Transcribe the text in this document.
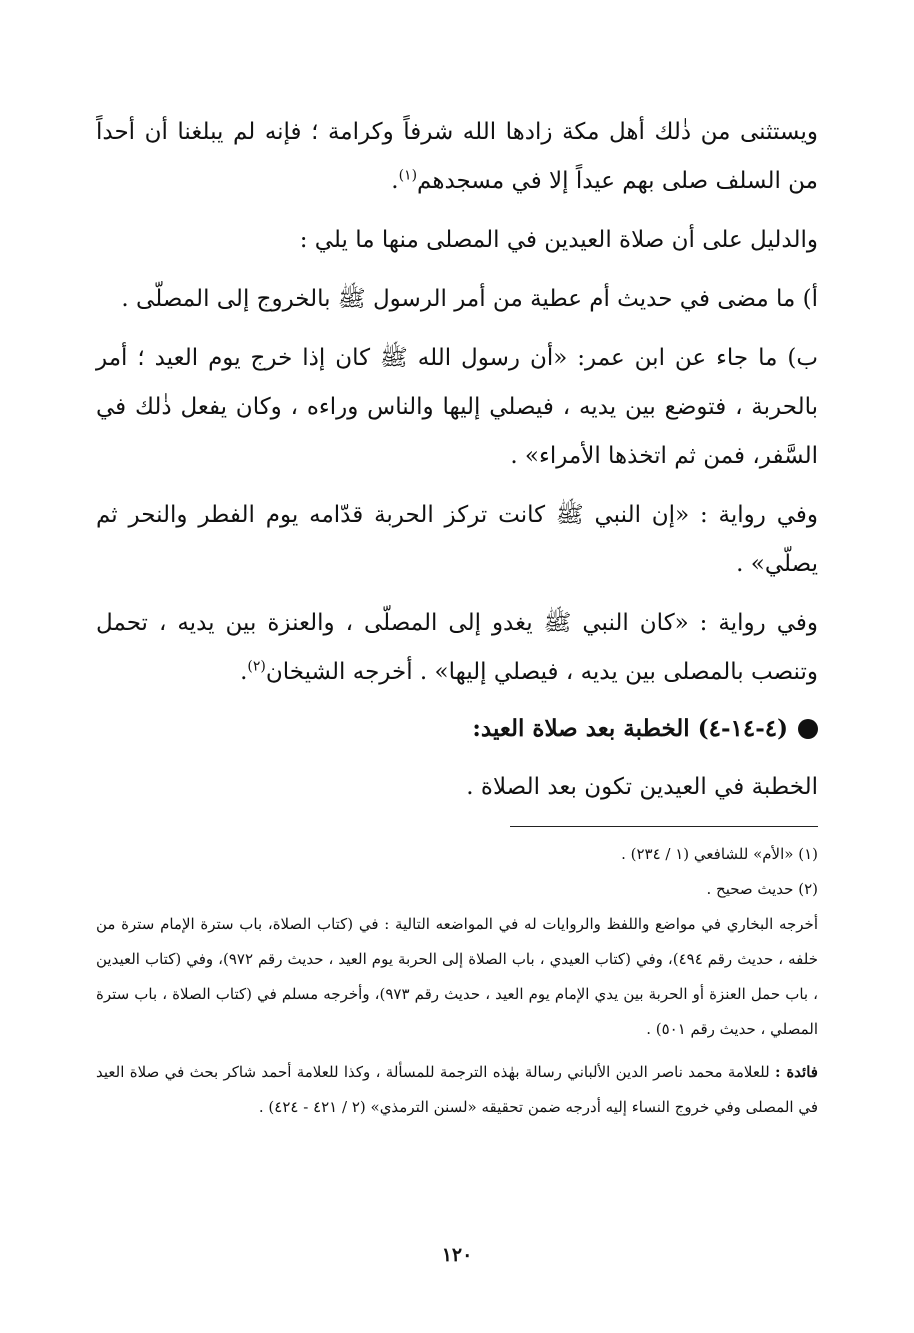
ويستثنى من ذٰلك أهل مكة زادها الله شرفاً وكرامة ؛ فإنه لم يبلغنا أن أحداً من السلف صلى بهم عيداً إلا في مسجدهم$^{(١)}$.

والدليل على أن صلاة العيدين في المصلى منها ما يلي :

أ) ما مضى في حديث أم عطية من أمر الرسول ﷺ بالخروج إلى المصلّى .

ب) ما جاء عن ابن عمر: «أن رسول الله ﷺ كان إذا خرج يوم العيد ؛ أمر بالحربة ، فتوضع بين يديه ، فيصلي إليها والناس وراءه ، وكان يفعل ذٰلك في السَّفر، فمن ثم اتخذها الأمراء» .

وفي رواية : «إن النبي ﷺ كانت تركز الحربة قدّامه يوم الفطر والنحر ثم يصلّي» .

وفي رواية : «كان النبي ﷺ يغدو إلى المصلّى ، والعنزة بين يديه ، تحمل وتنصب بالمصلى بين يديه ، فيصلي إليها» . أخرجه الشيخان$^{(٢)}$.

(٤-١٤-٤) الخطبة بعد صلاة العيد:

الخطبة في العيدين تكون بعد الصلاة .

(١) «الأم» للشافعي (١ / ٢٣٤) .

(٢) حديث صحيح .

أخرجه البخاري في مواضع واللفظ والروايات له في المواضعه التالية : في (كتاب الصلاة، باب سترة الإمام سترة من خلفه ، حديث رقم ٤٩٤)، وفي (كتاب العيدي ، باب الصلاة إلى الحربة يوم العيد ، حديث رقم ٩٧٢)، وفي (كتاب العيدين ، باب حمل العنزة أو الحربة بين يدي الإمام يوم العيد ، حديث رقم ٩٧٣)، وأخرجه مسلم في (كتاب الصلاة ، باب سترة المصلي ، حديث رقم ٥٠١) .

فائدة : للعلامة محمد ناصر الدين الألباني رسالة بهٰذه الترجمة للمسألة ، وكذا للعلامة أحمد شاكر بحث في صلاة العيد في المصلى وفي خروج النساء إليه أدرجه ضمن تحقيقه «لسنن الترمذي» (٢ / ٤٢١ - ٤٢٤) .

١٢٠
